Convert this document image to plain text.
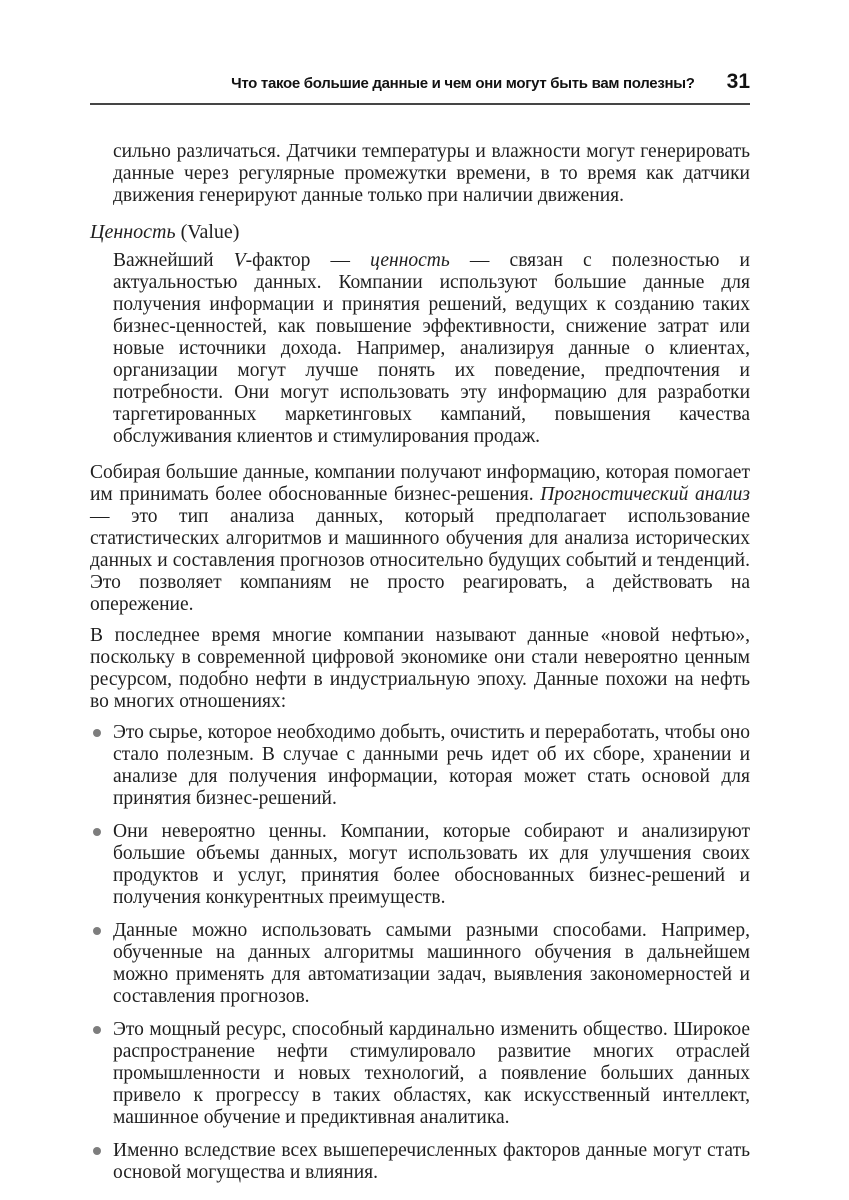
Что такое большие данные и чем они могут быть вам полезны? 31

сильно различаться. Датчики температуры и влажности могут генерировать данные через регулярные промежутки времени, в то время как датчики движения генерируют данные только при наличии движения.

Ценность (Value)

Важнейший V-фактор — ценность — связан с полезностью и актуальностью данных. Компании используют большие данные для получения информации и принятия решений, ведущих к созданию таких бизнес-ценностей, как повышение эффективности, снижение затрат или новые источники дохода. Например, анализируя данные о клиентах, организации могут лучше понять их поведение, предпочтения и потребности. Они могут использовать эту информацию для разработки таргетированных маркетинговых кампаний, повышения качества обслуживания клиентов и стимулирования продаж.

Собирая большие данные, компании получают информацию, которая помогает им принимать более обоснованные бизнес-решения. Прогностический анализ — это тип анализа данных, который предполагает использование статистических алгоритмов и машинного обучения для анализа исторических данных и составления прогнозов относительно будущих событий и тенденций. Это позволяет компаниям не просто реагировать, а действовать на опережение.

В последнее время многие компании называют данные «новой нефтью», поскольку в современной цифровой экономике они стали невероятно ценным ресурсом, подобно нефти в индустриальную эпоху. Данные похожи на нефть во многих отношениях:

Это сырье, которое необходимо добыть, очистить и переработать, чтобы оно стало полезным. В случае с данными речь идет об их сборе, хранении и анализе для получения информации, которая может стать основой для принятия бизнес-решений.
Они невероятно ценны. Компании, которые собирают и анализируют большие объемы данных, могут использовать их для улучшения своих продуктов и услуг, принятия более обоснованных бизнес-решений и получения конкурентных преимуществ.
Данные можно использовать самыми разными способами. Например, обученные на данных алгоритмы машинного обучения в дальнейшем можно применять для автоматизации задач, выявления закономерностей и составления прогнозов.
Это мощный ресурс, способный кардинально изменить общество. Широкое распространение нефти стимулировало развитие многих отраслей промышленности и новых технологий, а появление больших данных привело к прогрессу в таких областях, как искусственный интеллект, машинное обучение и предиктивная аналитика.
Именно вследствие всех вышеперечисленных факторов данные могут стать основой могущества и влияния.
